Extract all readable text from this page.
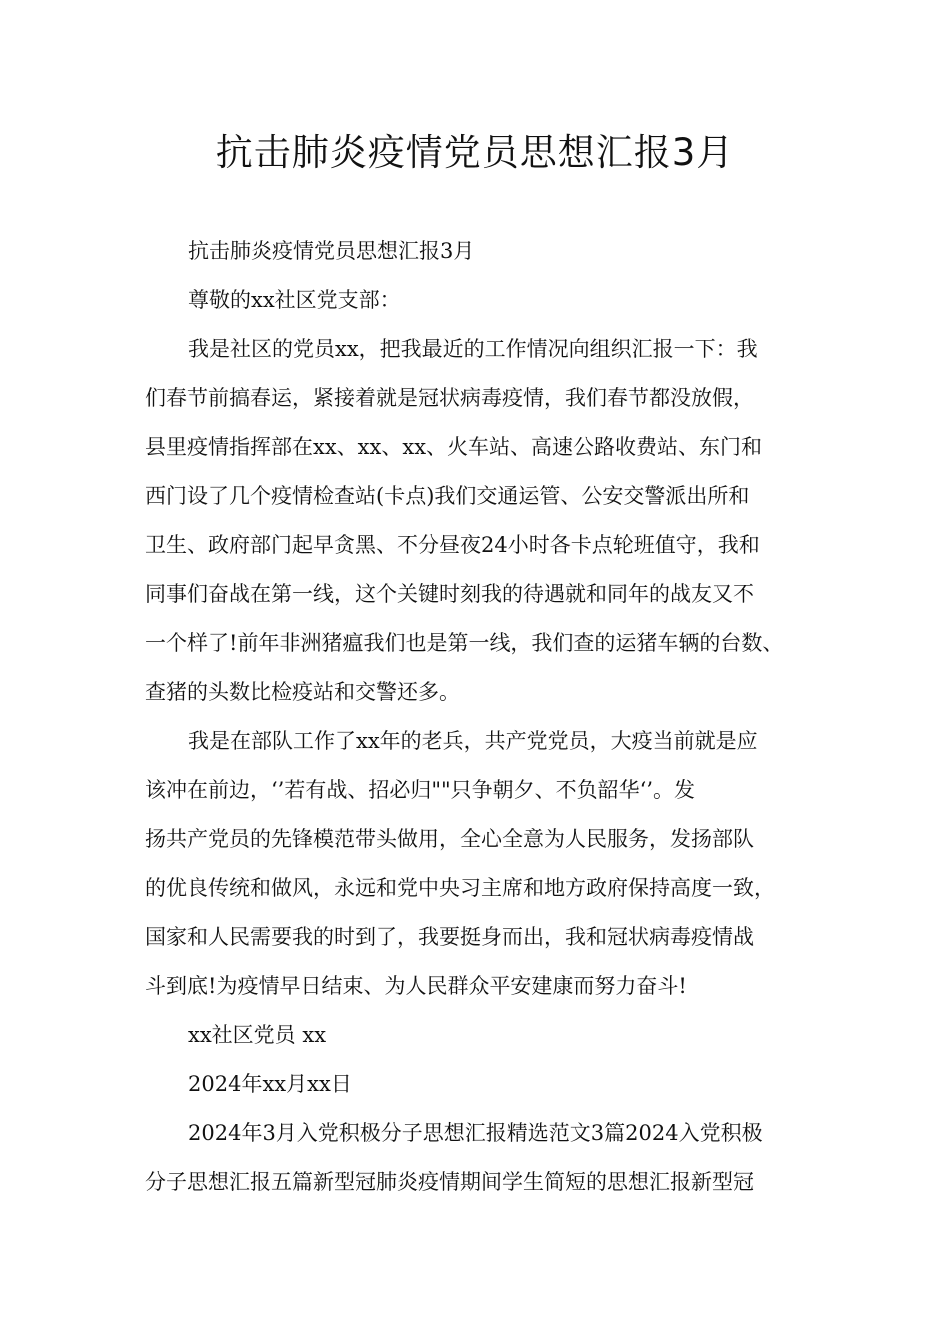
抗击肺炎疫情党员思想汇报3月
抗击肺炎疫情党员思想汇报3月
尊敬的xx社区党支部：
我是社区的党员xx，把我最近的工作情况向组织汇报一下：我
们春节前搞春运，紧接着就是冠状病毒疫情，我们春节都没放假，
县里疫情指挥部在xx、xx、xx、火车站、高速公路收费站、东门和
西门设了几个疫情检查站(卡点)我们交通运管、公安交警派出所和
卫生、政府部门起早贪黑、不分昼夜24小时各卡点轮班值守，我和
同事们奋战在第一线，这个关键时刻我的待遇就和同年的战友又不
一个样了!前年非洲猪瘟我们也是第一线，我们查的运猪车辆的台数、
查猪的头数比检疫站和交警还多。
我是在部队工作了xx年的老兵，共产党党员，大疫当前就是应
该冲在前边，‘’若有战、招必归""只争朝夕、不负韶华‘’。发
扬共产党员的先锋模范带头做用，全心全意为人民服务，发扬部队
的优良传统和做风，永远和党中央习主席和地方政府保持高度一致，
国家和人民需要我的时到了，我要挺身而出，我和冠状病毒疫情战
斗到底!为疫情早日结束、为人民群众平安建康而努力奋斗!
xx社区党员 xx
2024年xx月xx日
2024年3月入党积极分子思想汇报精选范文3篇2024入党积极
分子思想汇报五篇新型冠肺炎疫情期间学生简短的思想汇报新型冠
